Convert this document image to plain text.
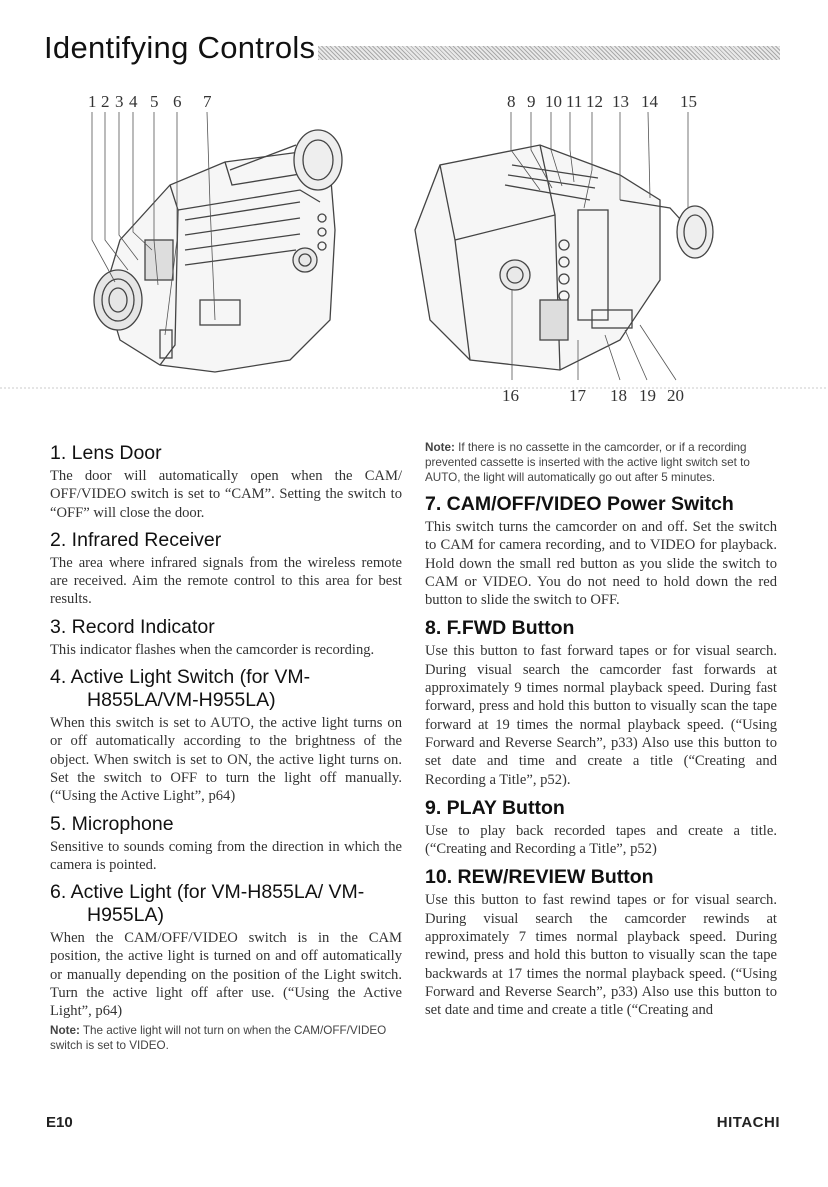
Identifying Controls
1 2 3 4 5 6 7	8 9 10 11 12 13 14 15
16	17 18 19 20
1. Lens Door

The door will automatically open when the CAM/ OFF/VIDEO switch is set to “CAM”. Setting the switch to “OFF” will close the door.

2. Infrared Receiver

The area where infrared signals from the wireless remote are received. Aim the remote control to this area for best results.

3. Record Indicator

This indicator flashes when the camcorder is recording.

4. Active Light Switch (for VM-H855LA/VM-H955LA)

When this switch is set to AUTO, the active light turns on or off automatically according to the brightness of the object. When switch is set to ON, the active light turns on. Set the switch to OFF to turn the light off manually. (“Using the Active Light”, p64)

5. Microphone

Sensitive to sounds coming from the direction in which the camera is pointed.

6. Active Light (for VM-H855LA/ VM-H955LA)

When the CAM/OFF/VIDEO switch is in the CAM position, the active light is turned on and off automatically or manually depending on the position of the Light switch. Turn the active light off after use. (“Using the Active Light”, p64)

Note: The active light will not turn on when the CAM/OFF/VIDEO switch is set to VIDEO.

Note: If there is no cassette in the camcorder, or if a recording prevented cassette is inserted with the active light switch set to AUTO, the light will automatically go out after 5 minutes.

7. CAM/OFF/VIDEO Power Switch

This switch turns the camcorder on and off. Set the switch to CAM for camera recording, and to VIDEO for playback. Hold down the small red button as you slide the switch to CAM or VIDEO. You do not need to hold down the red button to slide the switch to OFF.

8. F.FWD Button

Use this button to fast forward tapes or for visual search. During visual search the camcorder fast forwards at approximately 9 times normal playback speed. During fast forward, press and hold this button to visually scan the tape forward at 19 times the normal playback speed. (“Using Forward and Reverse Search”, p33) Also use this button to set date and time and create a title (“Creating and Recording a Title”, p52).

9. PLAY Button

Use to play back recorded tapes and create a title. (“Creating and Recording a Title”, p52)

10. REW/REVIEW Button

Use this button to fast rewind tapes or for visual search. During visual search the camcorder rewinds at approximately 7 times normal playback speed. During rewind, press and hold this button to visually scan the tape backwards at 17 times the normal playback speed. (“Using Forward and Reverse Search”, p33) Also use this button to set date and time and create a title (“Creating and

E10	HITACHI
